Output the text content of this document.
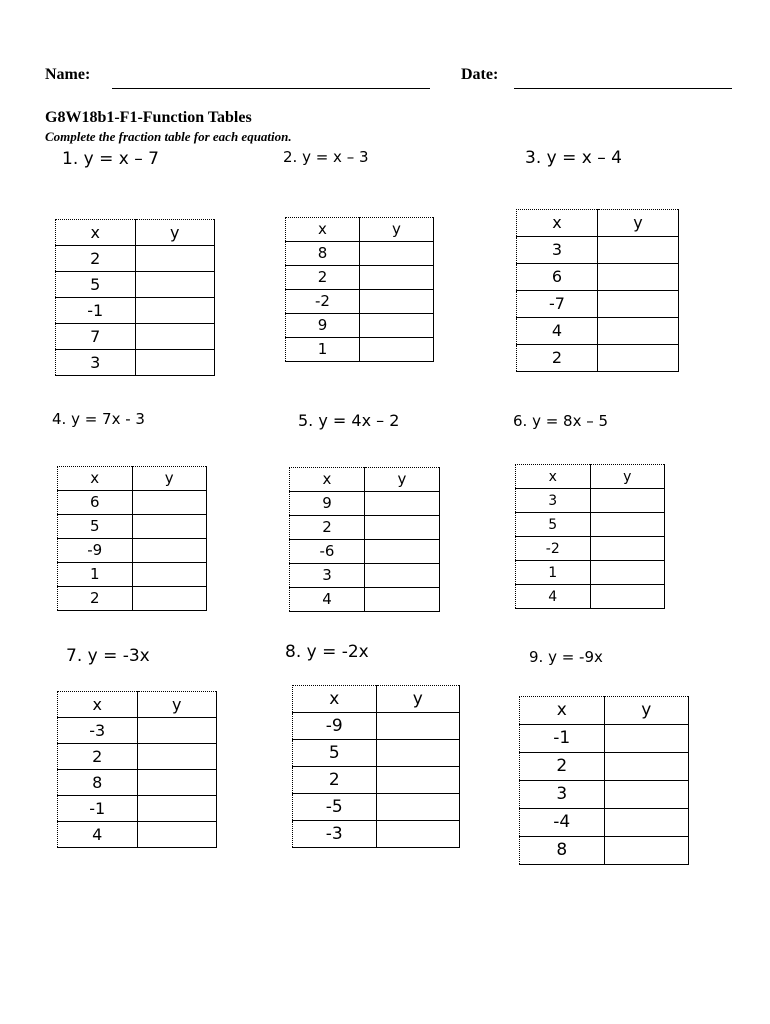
Name:	Date:
G8W18b1-F1-Function Tables
Complete the fraction table for each equation.
1. y = x – 7
x	y
2	
5	
-1	
7	
3	
2. y = x – 3
x	y
8	
2	
-2	
9	
1	
3. y = x – 4
x	y
3	
6	
-7	
4	
2	
4. y = 7x - 3
x	y
6	
5	
-9	
1	
2	
5. y = 4x – 2
x	y
9	
2	
-6	
3	
4	
6. y = 8x – 5
x	y
3	
5	
-2	
1	
4	
7. y = -3x
x	y
-3	
2	
8	
-1	
4	
8. y = -2x
x	y
-9	
5	
2	
-5	
-3	
9. y = -9x
x	y
-1	
2	
3	
-4	
8	
